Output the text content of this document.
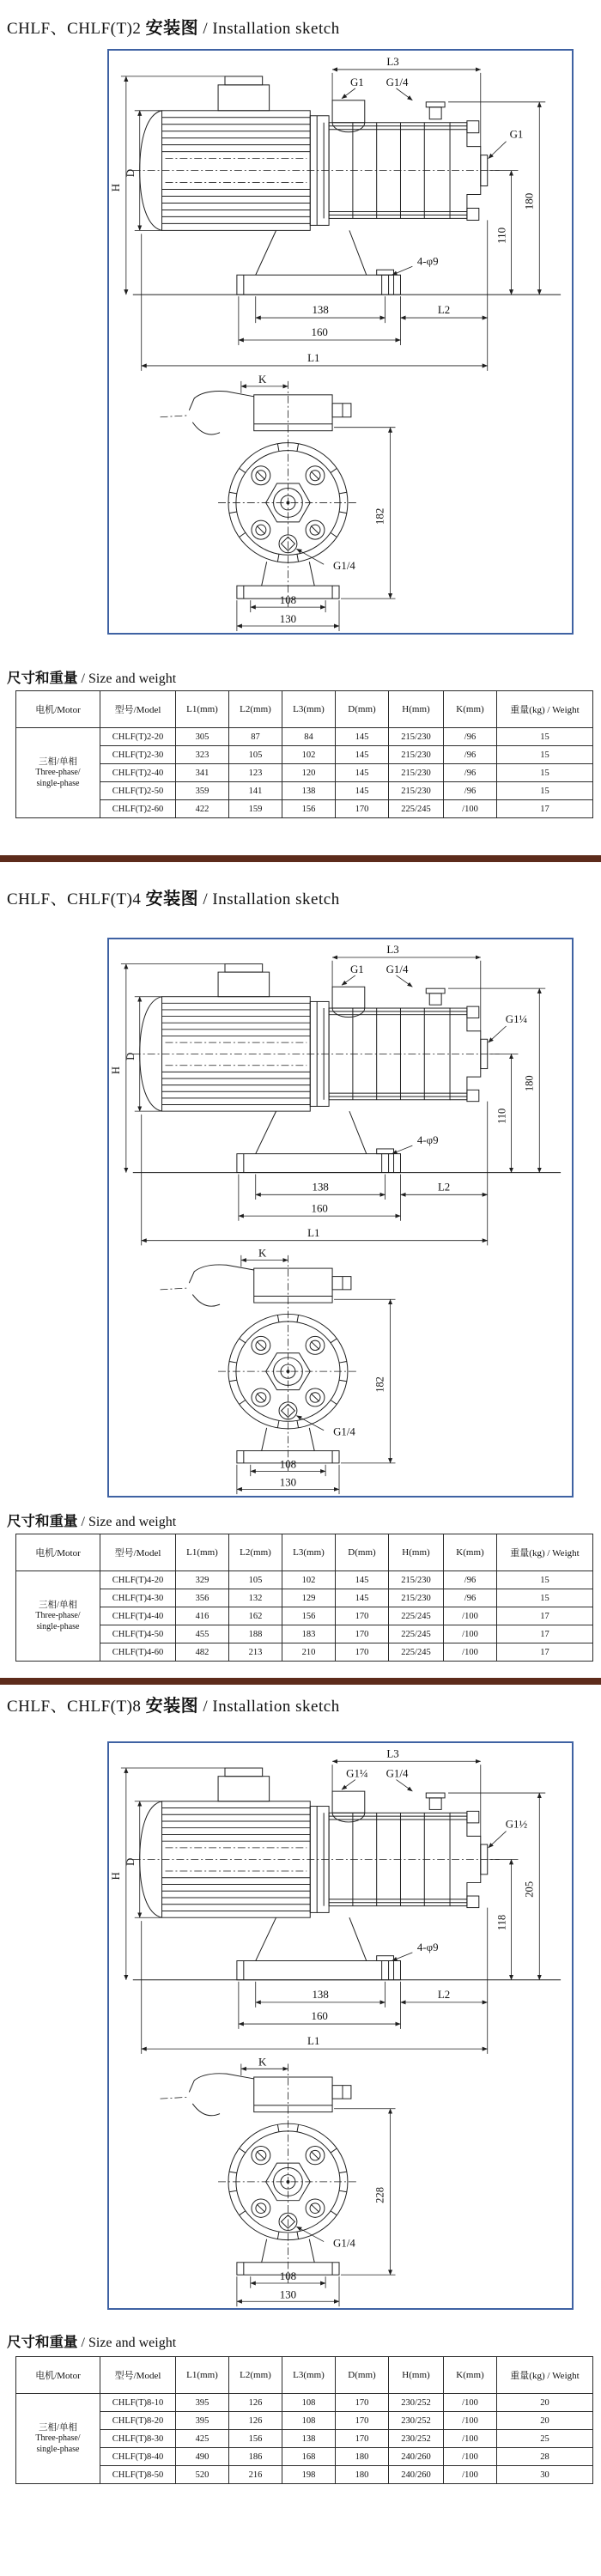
CHLF、CHLF(T)2 安装图 / Installation sketch
L3
G1 G1/4
G1
110
180
4-φ9
138
160
L2
L1
H
D
K
182
G1/4
108
130
尺寸和重量 / Size and weight
电机/Motor	型号/Model	L1(mm)	L2(mm)	L3(mm)	D(mm)	H(mm)	K(mm)	重量(kg) / Weight

三相/单相
Three-phase/
single-phase	CHLF(T)2-20	305	87	84	145	215/230	/96	15
	CHLF(T)2-30	323	105	102	145	215/230	/96	15
	CHLF(T)2-40	341	123	120	145	215/230	/96	15
	CHLF(T)2-50	359	141	138	145	215/230	/96	15
	CHLF(T)2-60	422	159	156	170	225/245	/100	17
CHLF、CHLF(T)4 安装图 / Installation sketch
L3
G1 G1/4
G1¼
110
180
4-φ9
138
160
L2
L1
H
D
K
182
G1/4
108
130
尺寸和重量 / Size and weight
电机/Motor	型号/Model	L1(mm)	L2(mm)	L3(mm)	D(mm)	H(mm)	K(mm)	重量(kg) / Weight

三相/单相
Three-phase/
single-phase	CHLF(T)4-20	329	105	102	145	215/230	/96	15
	CHLF(T)4-30	356	132	129	145	215/230	/96	15
	CHLF(T)4-40	416	162	156	170	225/245	/100	17
	CHLF(T)4-50	455	188	183	170	225/245	/100	17
	CHLF(T)4-60	482	213	210	170	225/245	/100	17
CHLF、CHLF(T)8 安装图 / Installation sketch
L3
G1¼ G1/4
G1½
118
205
4-φ9
138
160
L2
L1
H
D
K
228
G1/4
108
130
尺寸和重量 / Size and weight
电机/Motor	型号/Model	L1(mm)	L2(mm)	L3(mm)	D(mm)	H(mm)	K(mm)	重量(kg) / Weight

三相/单相
Three-phase/
single-phase	CHLF(T)8-10	395	126	108	170	230/252	/100	20
	CHLF(T)8-20	395	126	108	170	230/252	/100	20
	CHLF(T)8-30	425	156	138	170	230/252	/100	25
	CHLF(T)8-40	490	186	168	180	240/260	/100	28
	CHLF(T)8-50	520	216	198	180	240/260	/100	30
